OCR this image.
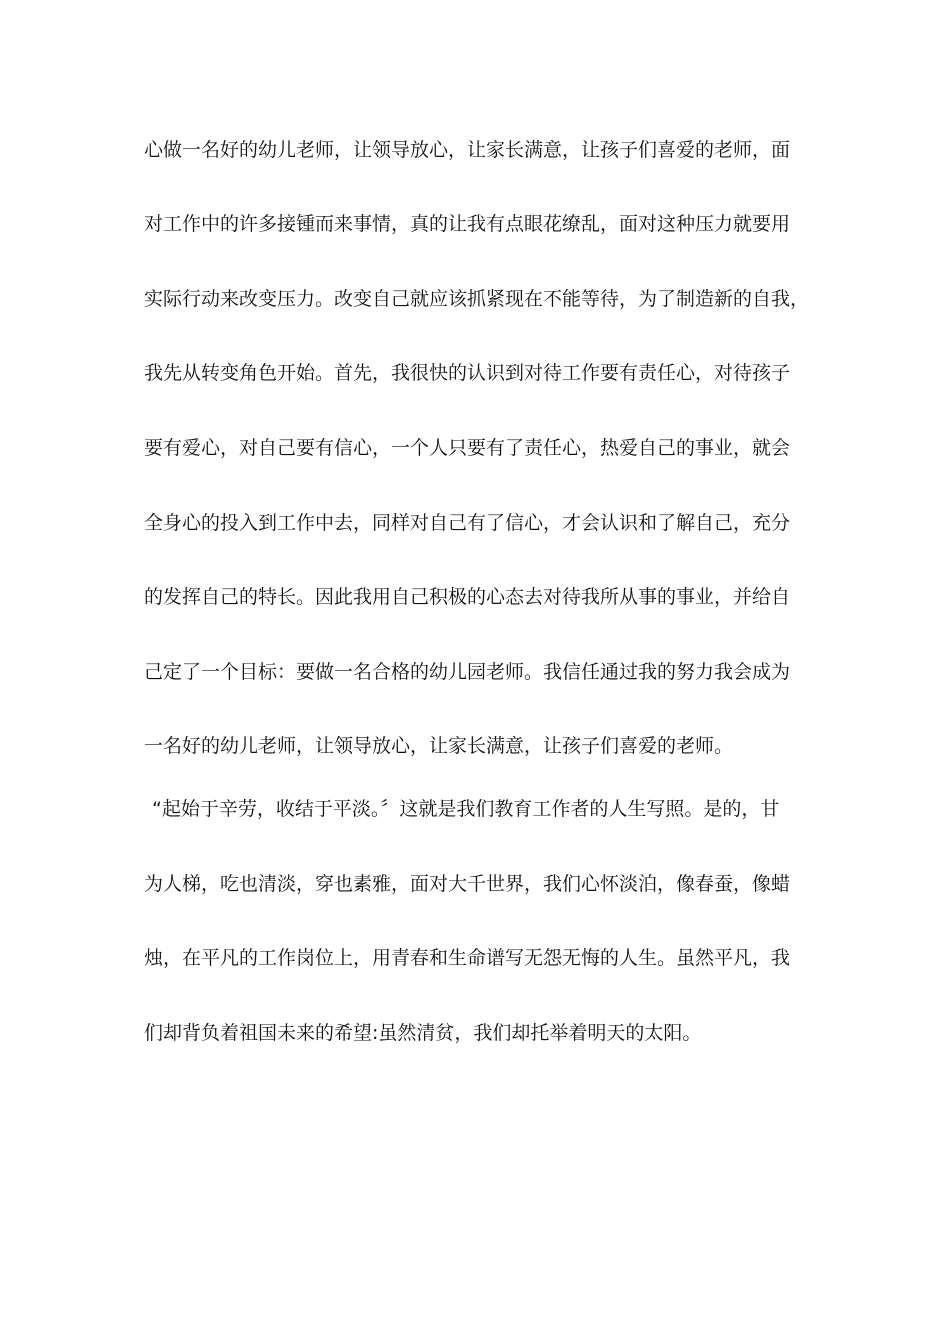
心做一名好的幼儿老师，让领导放心，让家长满意，让孩子们喜爱的老师，面
对工作中的许多接锺而来事情，真的让我有点眼花缭乱，面对这种压力就要用
实际行动来改变压力。改变自己就应该抓紧现在不能等待，为了制造新的自我，
我先从转变角色开始。首先，我很快的认识到对待工作要有责任心，对待孩子
要有爱心，对自己要有信心，一个人只要有了责任心，热爱自己的事业，就会
全身心的投入到工作中去，同样对自己有了信心，才会认识和了解自己，充分
的发挥自己的特长。因此我用自己积极的心态去对待我所从事的事业，并给自
己定了一个目标：要做一名合格的幼儿园老师。我信任通过我的努力我会成为
一名好的幼儿老师，让领导放心，让家长满意，让孩子们喜爱的老师。
“起始于辛劳，收结于平淡。〞这就是我们教育工作者的人生写照。是的，甘
为人梯，吃也清淡，穿也素雅，面对大千世界，我们心怀淡泊，像春蚕，像蜡
烛，在平凡的工作岗位上，用青春和生命谱写无怨无悔的人生。虽然平凡，我
们却背负着祖国未来的希望:虽然清贫，我们却托举着明天的太阳。
